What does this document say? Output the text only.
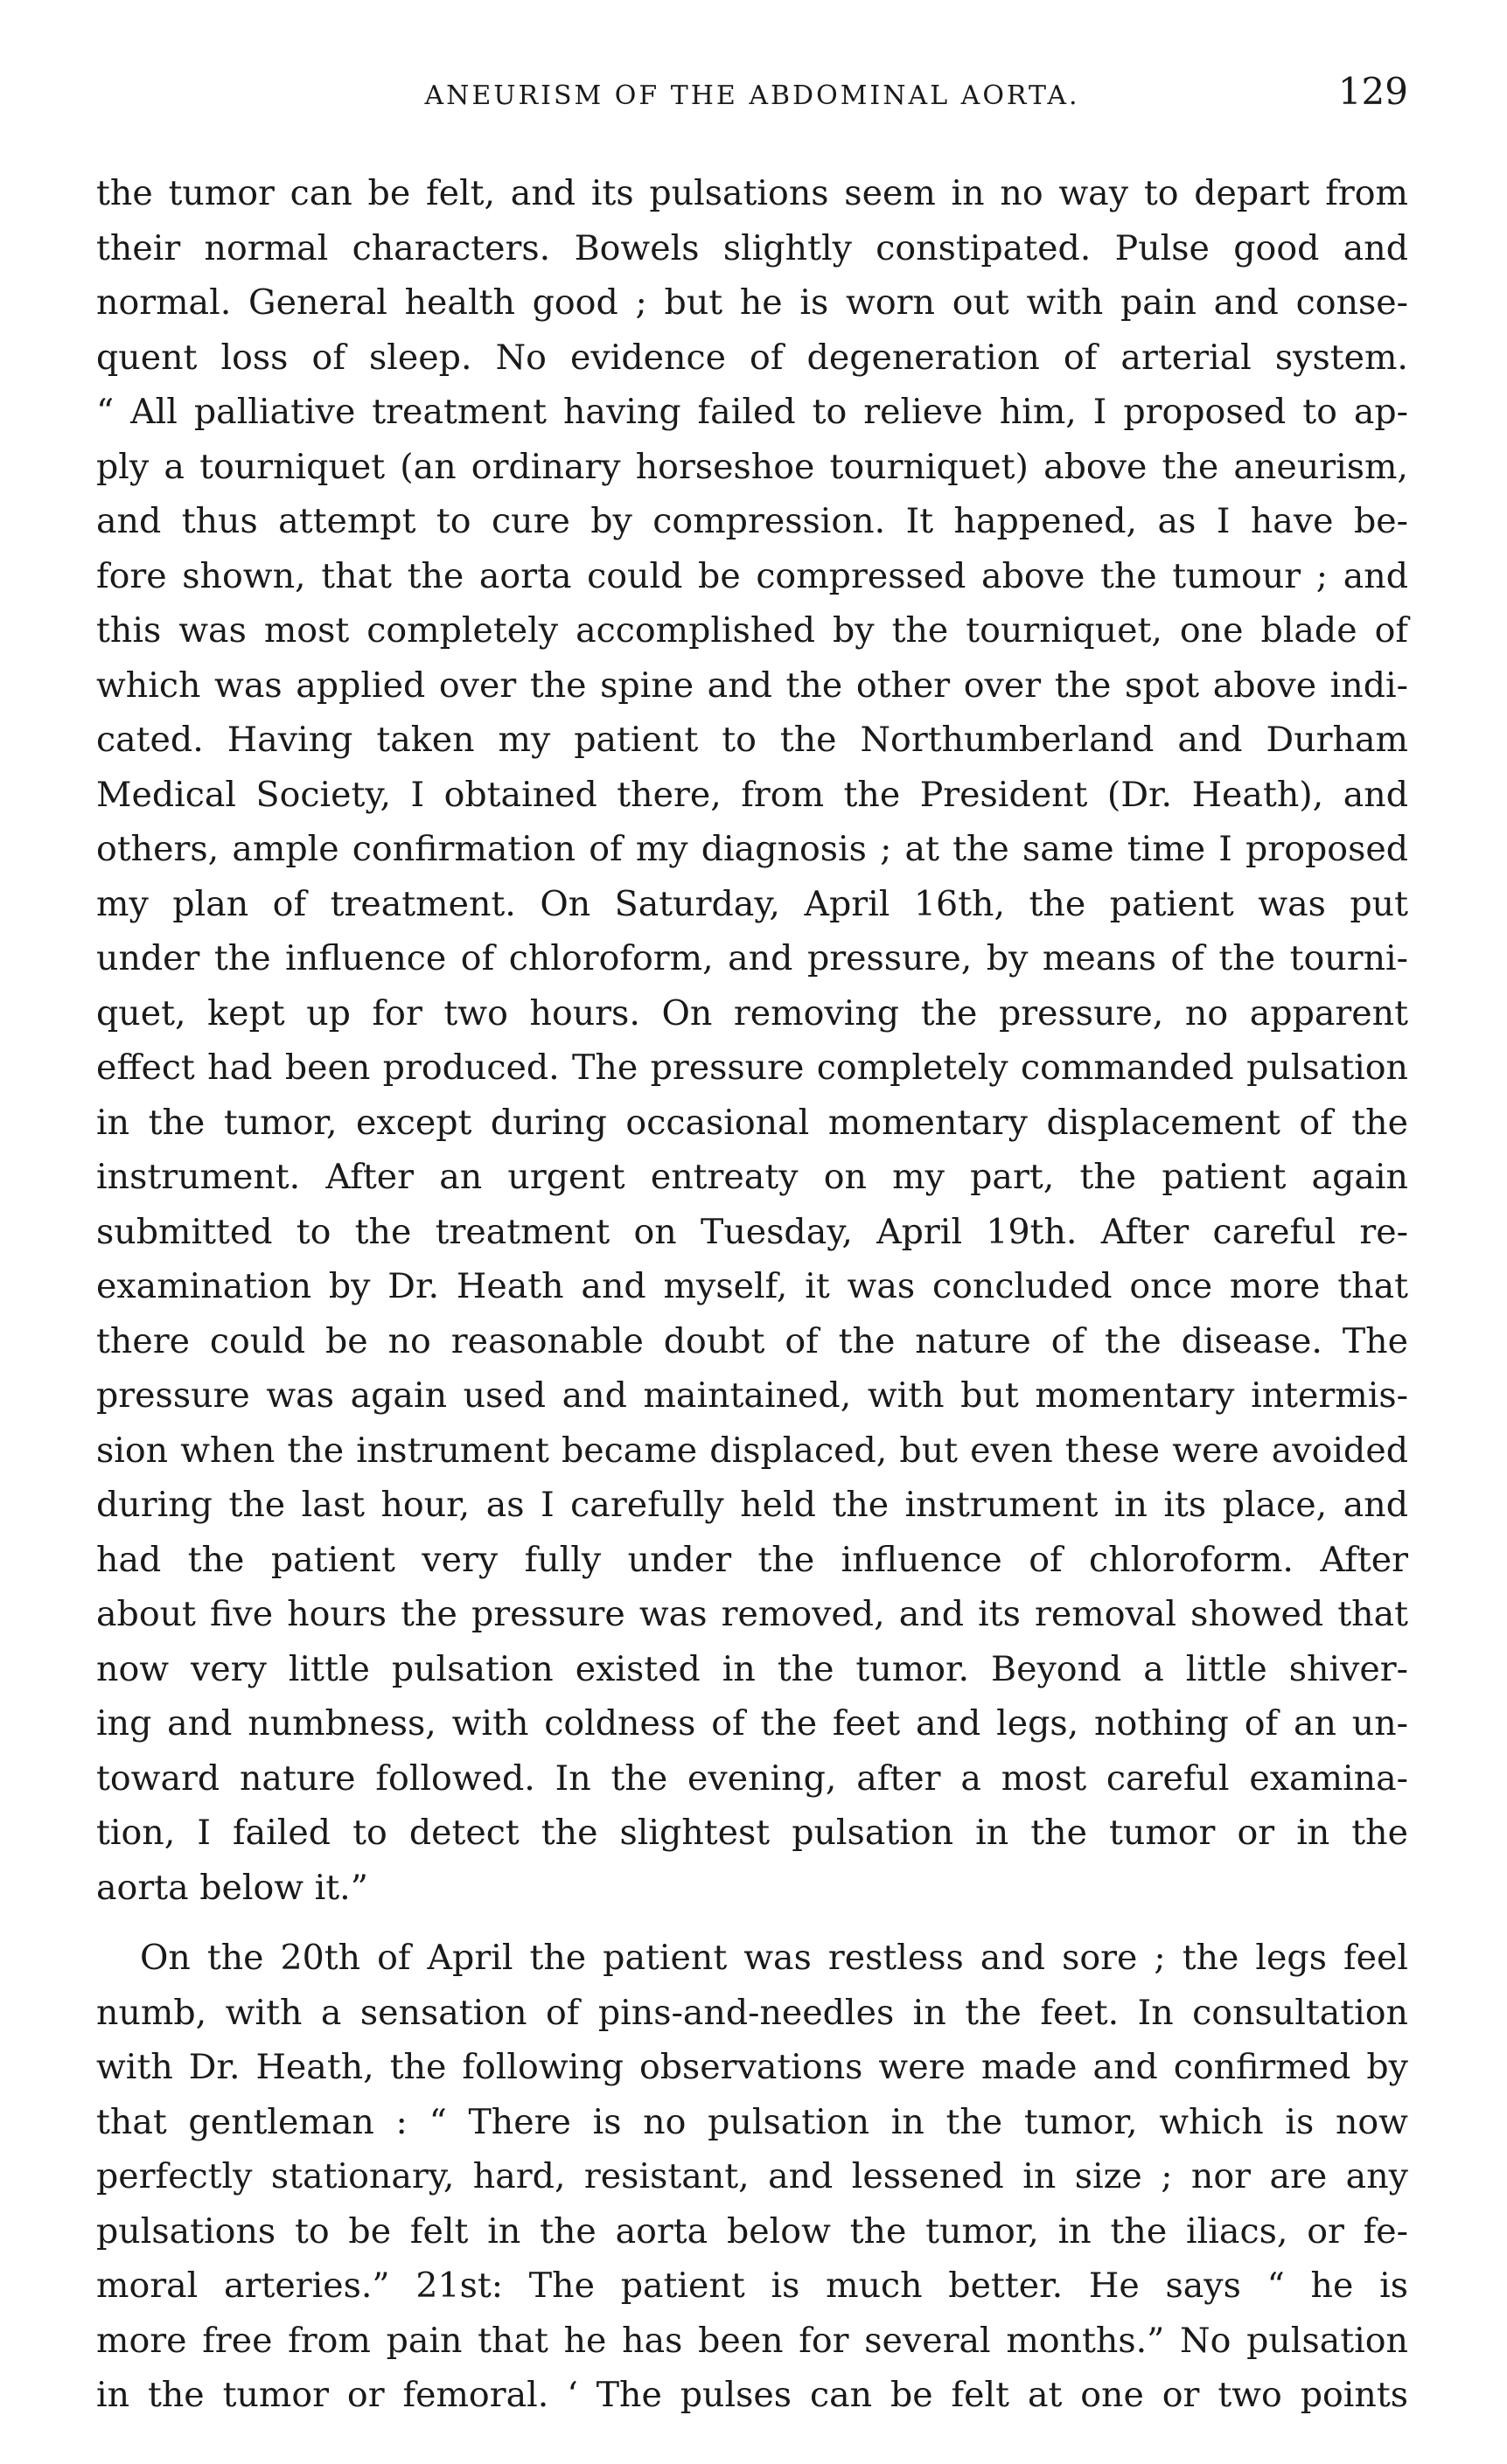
ANEURISM OF THE ABDOMINAL AORTA.	129

the tumor can be felt, and its pulsations seem in no way to depart from
their normal characters. Bowels slightly constipated. Pulse good and
normal. General health good ; but he is worn out with pain and conse-
quent loss of sleep. No evidence of degeneration of arterial system.
“ All palliative treatment having failed to relieve him, I proposed to ap-
ply a tourniquet (an ordinary horseshoe tourniquet) above the aneurism,
and thus attempt to cure by compression. It happened, as I have be-
fore shown, that the aorta could be compressed above the tumour ; and
this was most completely accomplished by the tourniquet, one blade of
which was applied over the spine and the other over the spot above indi-
cated. Having taken my patient to the Northumberland and Durham
Medical Society, I obtained there, from the President (Dr. Heath), and
others, ample confirmation of my diagnosis ; at the same time I proposed
my plan of treatment. On Saturday, April 16th, the patient was put
under the influence of chloroform, and pressure, by means of the tourni-
quet, kept up for two hours. On removing the pressure, no apparent
effect had been produced. The pressure completely commanded pulsation
in the tumor, except during occasional momentary displacement of the
instrument. After an urgent entreaty on my part, the patient again
submitted to the treatment on Tuesday, April 19th. After careful re-
examination by Dr. Heath and myself, it was concluded once more that
there could be no reasonable doubt of the nature of the disease. The
pressure was again used and maintained, with but momentary intermis-
sion when the instrument became displaced, but even these were avoided
during the last hour, as I carefully held the instrument in its place, and
had the patient very fully under the influence of chloroform. After
about five hours the pressure was removed, and its removal showed that
now very little pulsation existed in the tumor. Beyond a little shiver-
ing and numbness, with coldness of the feet and legs, nothing of an un-
toward nature followed. In the evening, after a most careful examina-
tion, I failed to detect the slightest pulsation in the tumor or in the
aorta below it.”

On the 20th of April the patient was restless and sore ; the legs feel
numb, with a sensation of pins-and-needles in the feet. In consultation
with Dr. Heath, the following observations were made and confirmed by
that gentleman : “ There is no pulsation in the tumor, which is now
perfectly stationary, hard, resistant, and lessened in size ; nor are any
pulsations to be felt in the aorta below the tumor, in the iliacs, or fe-
moral arteries.” 21st: The patient is much better. He says “ he is
more free from pain that he has been for several months.” No pulsation
in the tumor or femoral. ‘ The pulses can be felt at one or two points
